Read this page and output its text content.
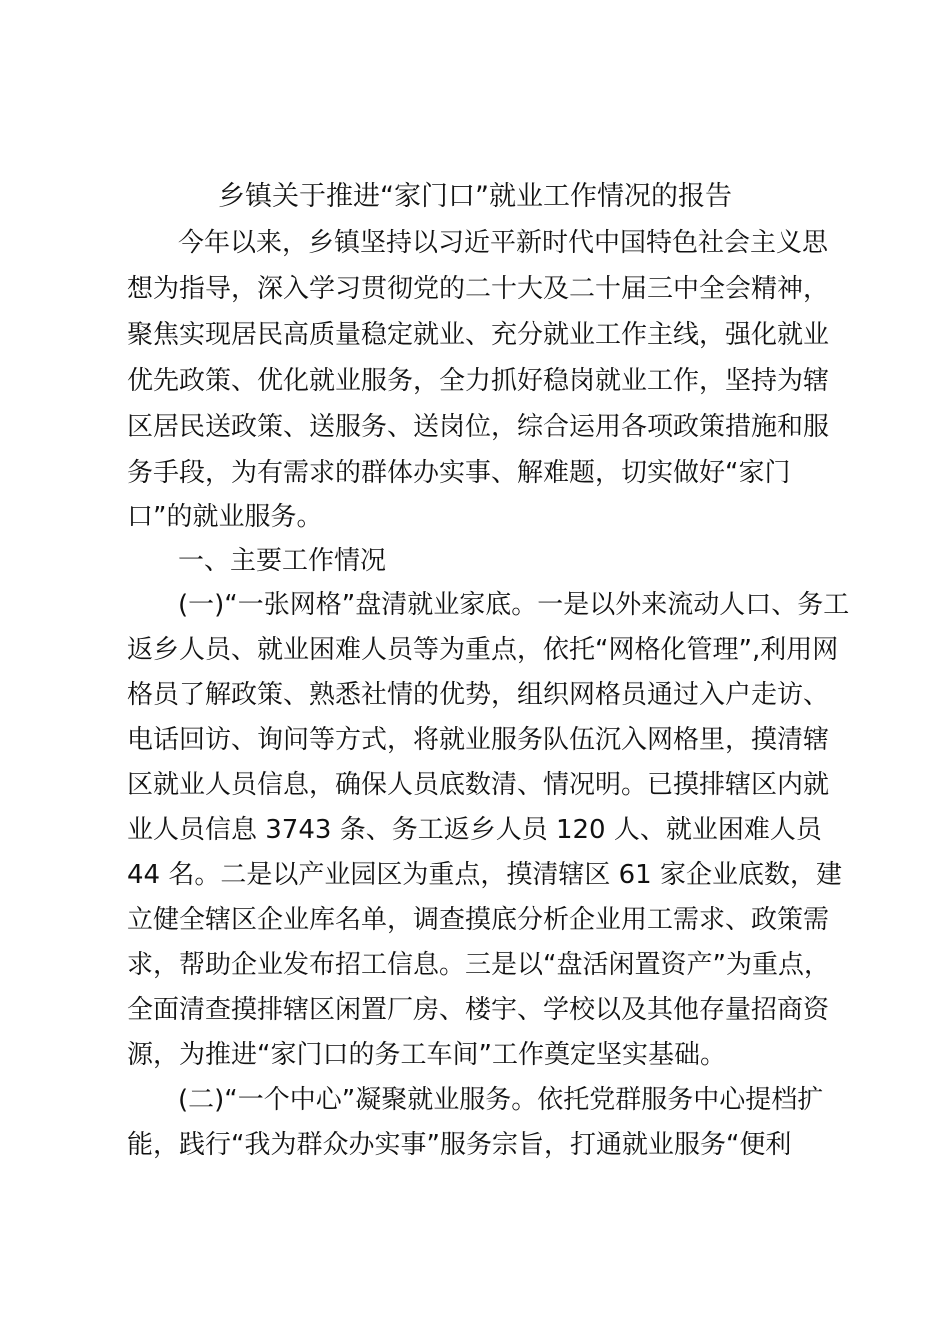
乡镇关于推进“家门口”就业工作情况的报告
今年以来，乡镇坚持以习近平新时代中国特色社会主义思
想为指导，深入学习贯彻党的二十大及二十届三中全会精神，
聚焦实现居民高质量稳定就业、充分就业工作主线，强化就业
优先政策、优化就业服务，全力抓好稳岗就业工作，坚持为辖
区居民送政策、送服务、送岗位，综合运用各项政策措施和服
务手段，为有需求的群体办实事、解难题，切实做好“家门
口”的就业服务。
一、主要工作情况
(一)“一张网格”盘清就业家底。一是以外来流动人口、务工
返乡人员、就业困难人员等为重点，依托“网格化管理”,利用网
格员了解政策、熟悉社情的优势，组织网格员通过入户走访、
电话回访、询问等方式，将就业服务队伍沉入网格里，摸清辖
区就业人员信息，确保人员底数清、情况明。已摸排辖区内就
业人员信息 3743 条、务工返乡人员 120 人、就业困难人员
44 名。二是以产业园区为重点，摸清辖区 61 家企业底数，建
立健全辖区企业库名单，调查摸底分析企业用工需求、政策需
求，帮助企业发布招工信息。三是以“盘活闲置资产”为重点，
全面清查摸排辖区闲置厂房、楼宇、学校以及其他存量招商资
源，为推进“家门口的务工车间”工作奠定坚实基础。
(二)“一个中心”凝聚就业服务。依托党群服务中心提档扩
能，践行“我为群众办实事”服务宗旨，打通就业服务“便利
